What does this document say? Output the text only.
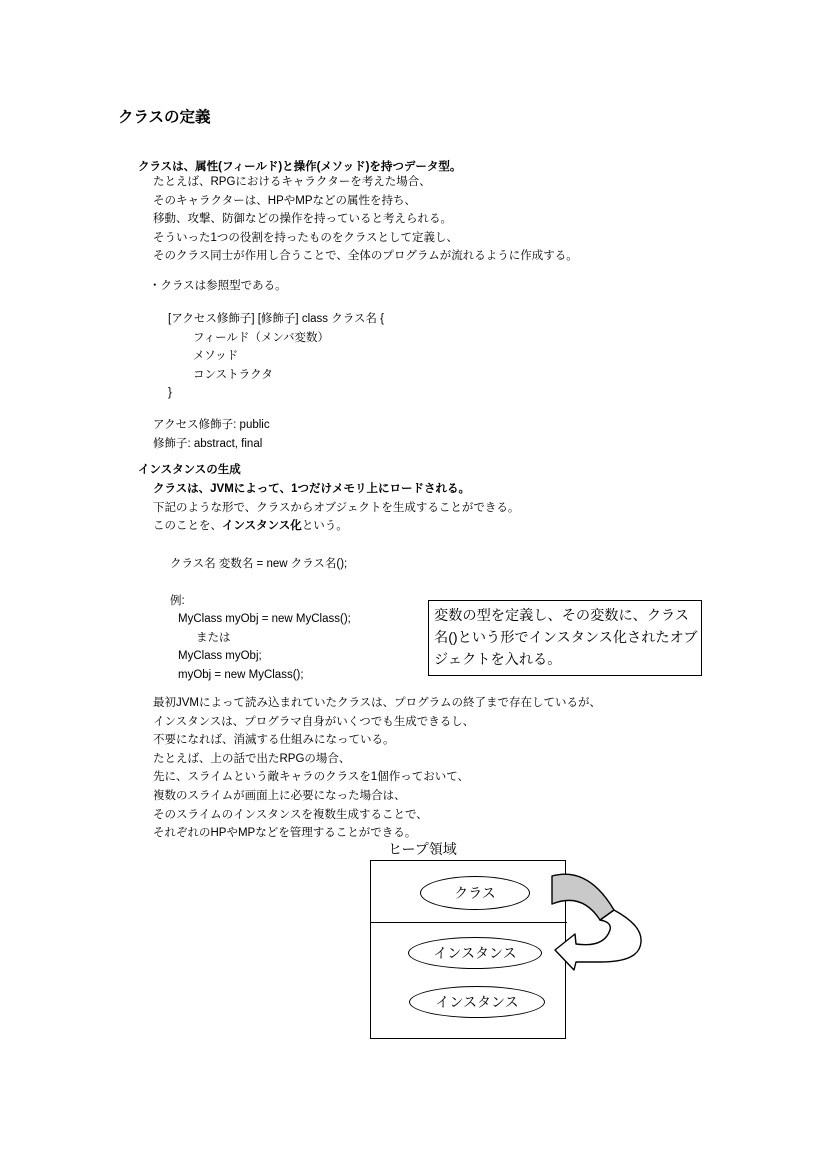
クラスの定義
クラスは、属性(フィールド)と操作(メソッド)を持つデータ型。
たとえば、RPGにおけるキャラクターを考えた場合、
そのキャラクターは、HPやMPなどの属性を持ち、
移動、攻撃、防御などの操作を持っていると考えられる。
そういった1つの役割を持ったものをクラスとして定義し、
そのクラス同士が作用し合うことで、全体のプログラムが流れるように作成する。
・クラスは参照型である。
[アクセス修飾子] [修飾子] class クラス名 {
フィールド（メンバ変数）
メソッド
コンストラクタ
}
アクセス修飾子: public
修飾子: abstract, final
インスタンスの生成
クラスは、JVMによって、1つだけメモリ上にロードされる。
下記のような形で、クラスからオブジェクトを生成することができる。
このことを、インスタンス化という。
クラス名 変数名 = new クラス名();
例:
MyClass myObj = new MyClass();
または
MyClass myObj;
myObj = new MyClass();
変数の型を定義し、その変数に、クラス
名()という形でインスタンス化されたオブ
ジェクトを入れる。
最初JVMによって読み込まれていたクラスは、プログラムの終了まで存在しているが、
インスタンスは、プログラマ自身がいくつでも生成できるし、
不要になれば、消滅する仕組みになっている。
たとえば、上の話で出たRPGの場合、
先に、スライムという敵キャラのクラスを1個作っておいて、
複数のスライムが画面上に必要になった場合は、
そのスライムのインスタンスを複数生成することで、
それぞれのHPやMPなどを管理することができる。
ヒープ領域
クラス
インスタンス
インスタンス
